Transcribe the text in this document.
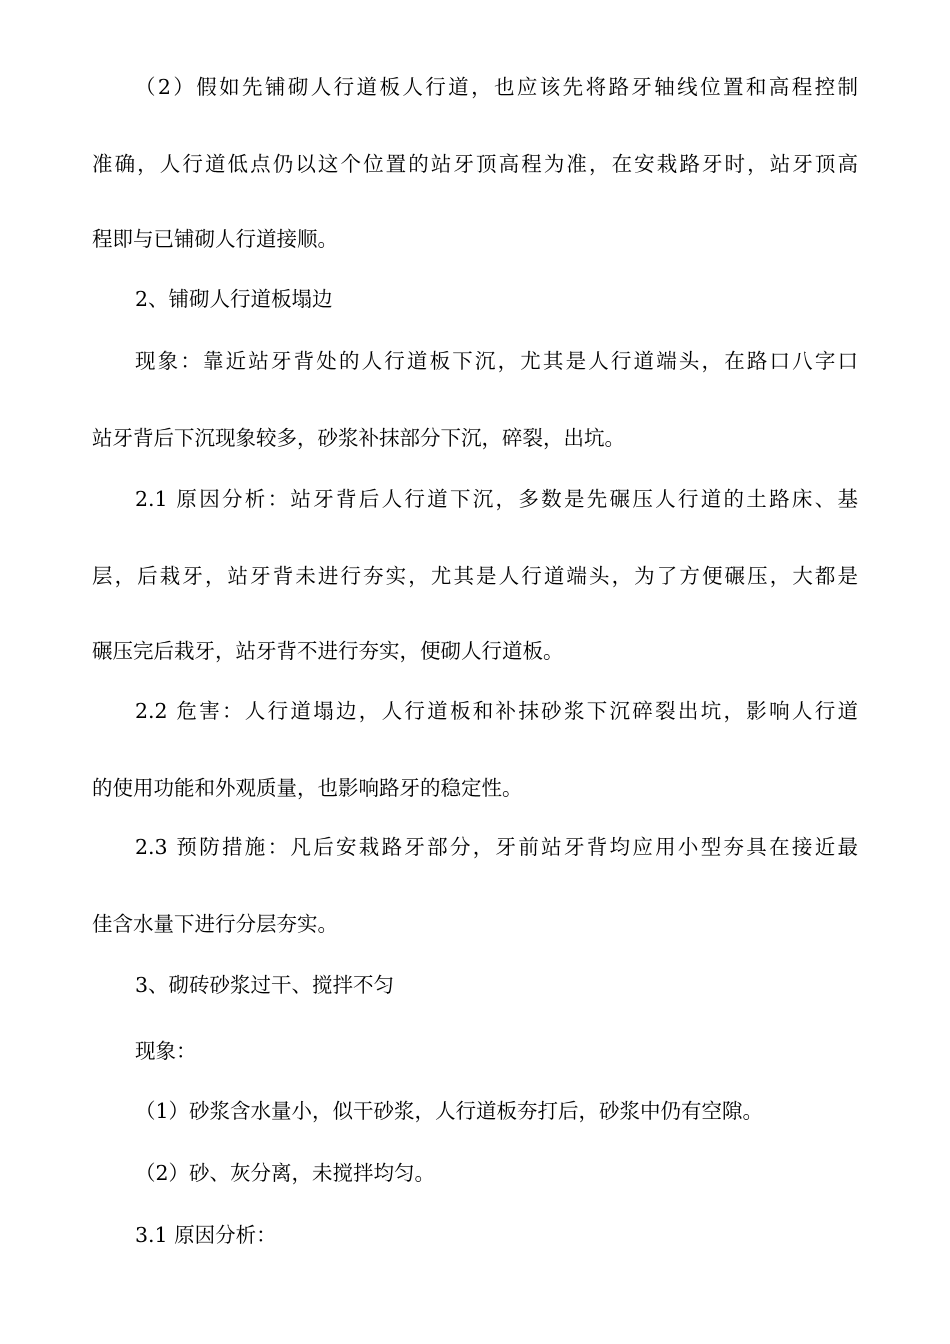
（2）假如先铺砌人行道板人行道，也应该先将路牙轴线位置和高程控制
准确，人行道低点仍以这个位置的站牙顶高程为准，在安栽路牙时，站牙顶高
程即与已铺砌人行道接顺。
2、铺砌人行道板塌边
现象：靠近站牙背处的人行道板下沉，尤其是人行道端头，在路口八字口
站牙背后下沉现象较多，砂浆补抹部分下沉，碎裂，出坑。
2.1 原因分析：站牙背后人行道下沉，多数是先碾压人行道的土路床、基
层，后栽牙，站牙背未进行夯实，尤其是人行道端头，为了方便碾压，大都是
碾压完后栽牙，站牙背不进行夯实，便砌人行道板。
2.2 危害：人行道塌边，人行道板和补抹砂浆下沉碎裂出坑，影响人行道
的使用功能和外观质量，也影响路牙的稳定性。
2.3 预防措施：凡后安栽路牙部分，牙前站牙背均应用小型夯具在接近最
佳含水量下进行分层夯实。
3、砌砖砂浆过干、搅拌不匀
现象：
（1）砂浆含水量小，似干砂浆，人行道板夯打后，砂浆中仍有空隙。
（2）砂、灰分离，未搅拌均匀。
3.1 原因分析：
